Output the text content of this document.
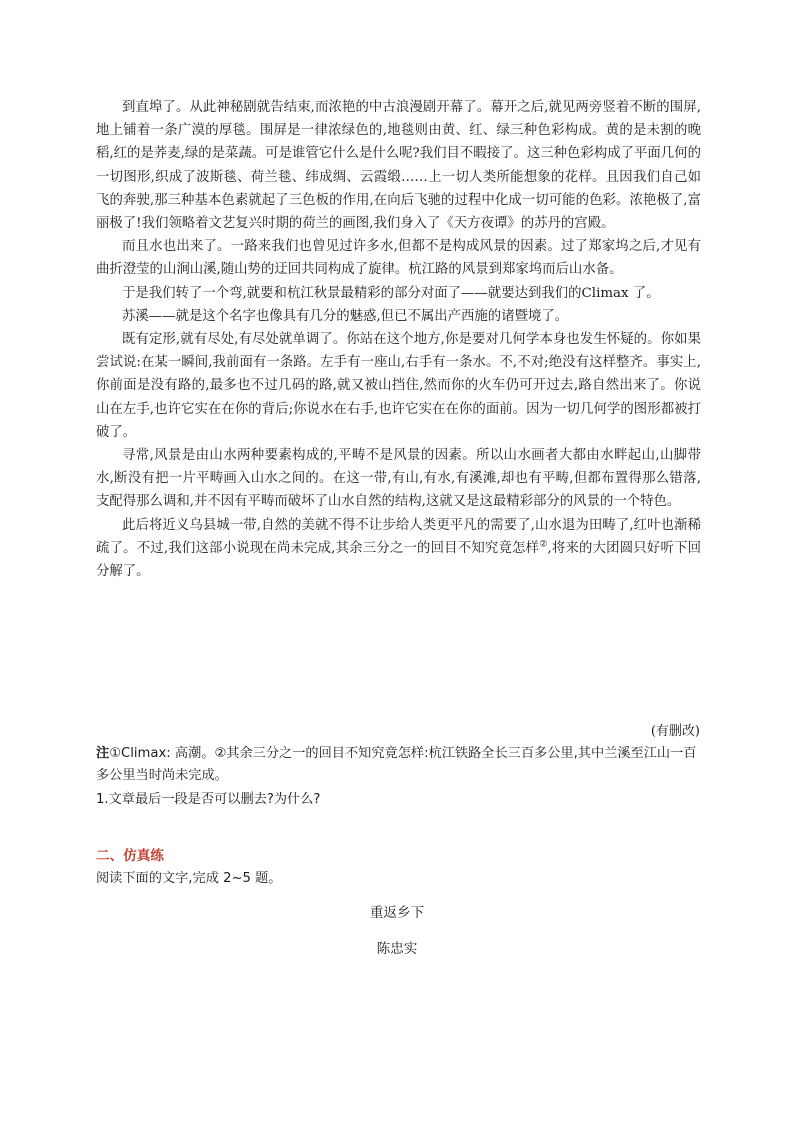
到直埠了。从此神秘剧就告结束,而浓艳的中古浪漫剧开幕了。幕开之后,就见两旁竖着不断的围屏,地上铺着一条广漠的厚毯。围屏是一律浓绿色的,地毯则由黄、红、绿三种色彩构成。黄的是未割的晚稻,红的是荞麦,绿的是菜蔬。可是谁管它什么是什么呢?我们目不暇接了。这三种色彩构成了平面几何的一切图形,织成了波斯毯、荷兰毯、纬成绸、云霞缎……上一切人类所能想象的花样。且因我们自己如飞的奔驶,那三种基本色素就起了三色板的作用,在向后飞驰的过程中化成一切可能的色彩。浓艳极了,富丽极了!我们领略着文艺复兴时期的荷兰的画图,我们身入了《天方夜谭》的苏丹的宫殿。

而且水也出来了。一路来我们也曾见过许多水,但都不是构成风景的因素。过了郑家坞之后,才见有曲折澄莹的山涧山溪,随山势的迂回共同构成了旋律。杭江路的风景到郑家坞而后山水备。

于是我们转了一个弯,就要和杭江秋景最精彩的部分对面了——就要达到我们的Climax 了。

苏溪——就是这个名字也像具有几分的魅惑,但已不属出产西施的诸暨境了。

既有定形,就有尽处,有尽处就单调了。你站在这个地方,你是要对几何学本身也发生怀疑的。你如果尝试说:在某一瞬间,我前面有一条路。左手有一座山,右手有一条水。不,不对;绝没有这样整齐。事实上,你前面是没有路的,最多也不过几码的路,就又被山挡住,然而你的火车仍可开过去,路自然出来了。你说山在左手,也许它实在在你的背后;你说水在右手,也许它实在在你的面前。因为一切几何学的图形都被打破了。

寻常,风景是由山水两种要素构成的,平畴不是风景的因素。所以山水画者大都由水畔起山,山脚带水,断没有把一片平畴画入山水之间的。在这一带,有山,有水,有溪滩,却也有平畴,但都布置得那么错落,支配得那么调和,并不因有平畴而破坏了山水自然的结构,这就又是这最精彩部分的风景的一个特色。

此后将近义乌县城一带,自然的美就不得不让步给人类更平凡的需要了,山水退为田畴了,红叶也渐稀疏了。不过,我们这部小说现在尚未完成,其余三分之一的回目不知究竟怎样②,将来的大团圆只好听下回分解了。

(有删改)
注①Climax: 高潮。②其余三分之一的回目不知究竟怎样:杭江铁路全长三百多公里,其中兰溪至江山一百多公里当时尚未完成。
1.文章最后一段是否可以删去?为什么?
二、仿真练
阅读下面的文字,完成 2~5 题。
重返乡下
陈忠实
